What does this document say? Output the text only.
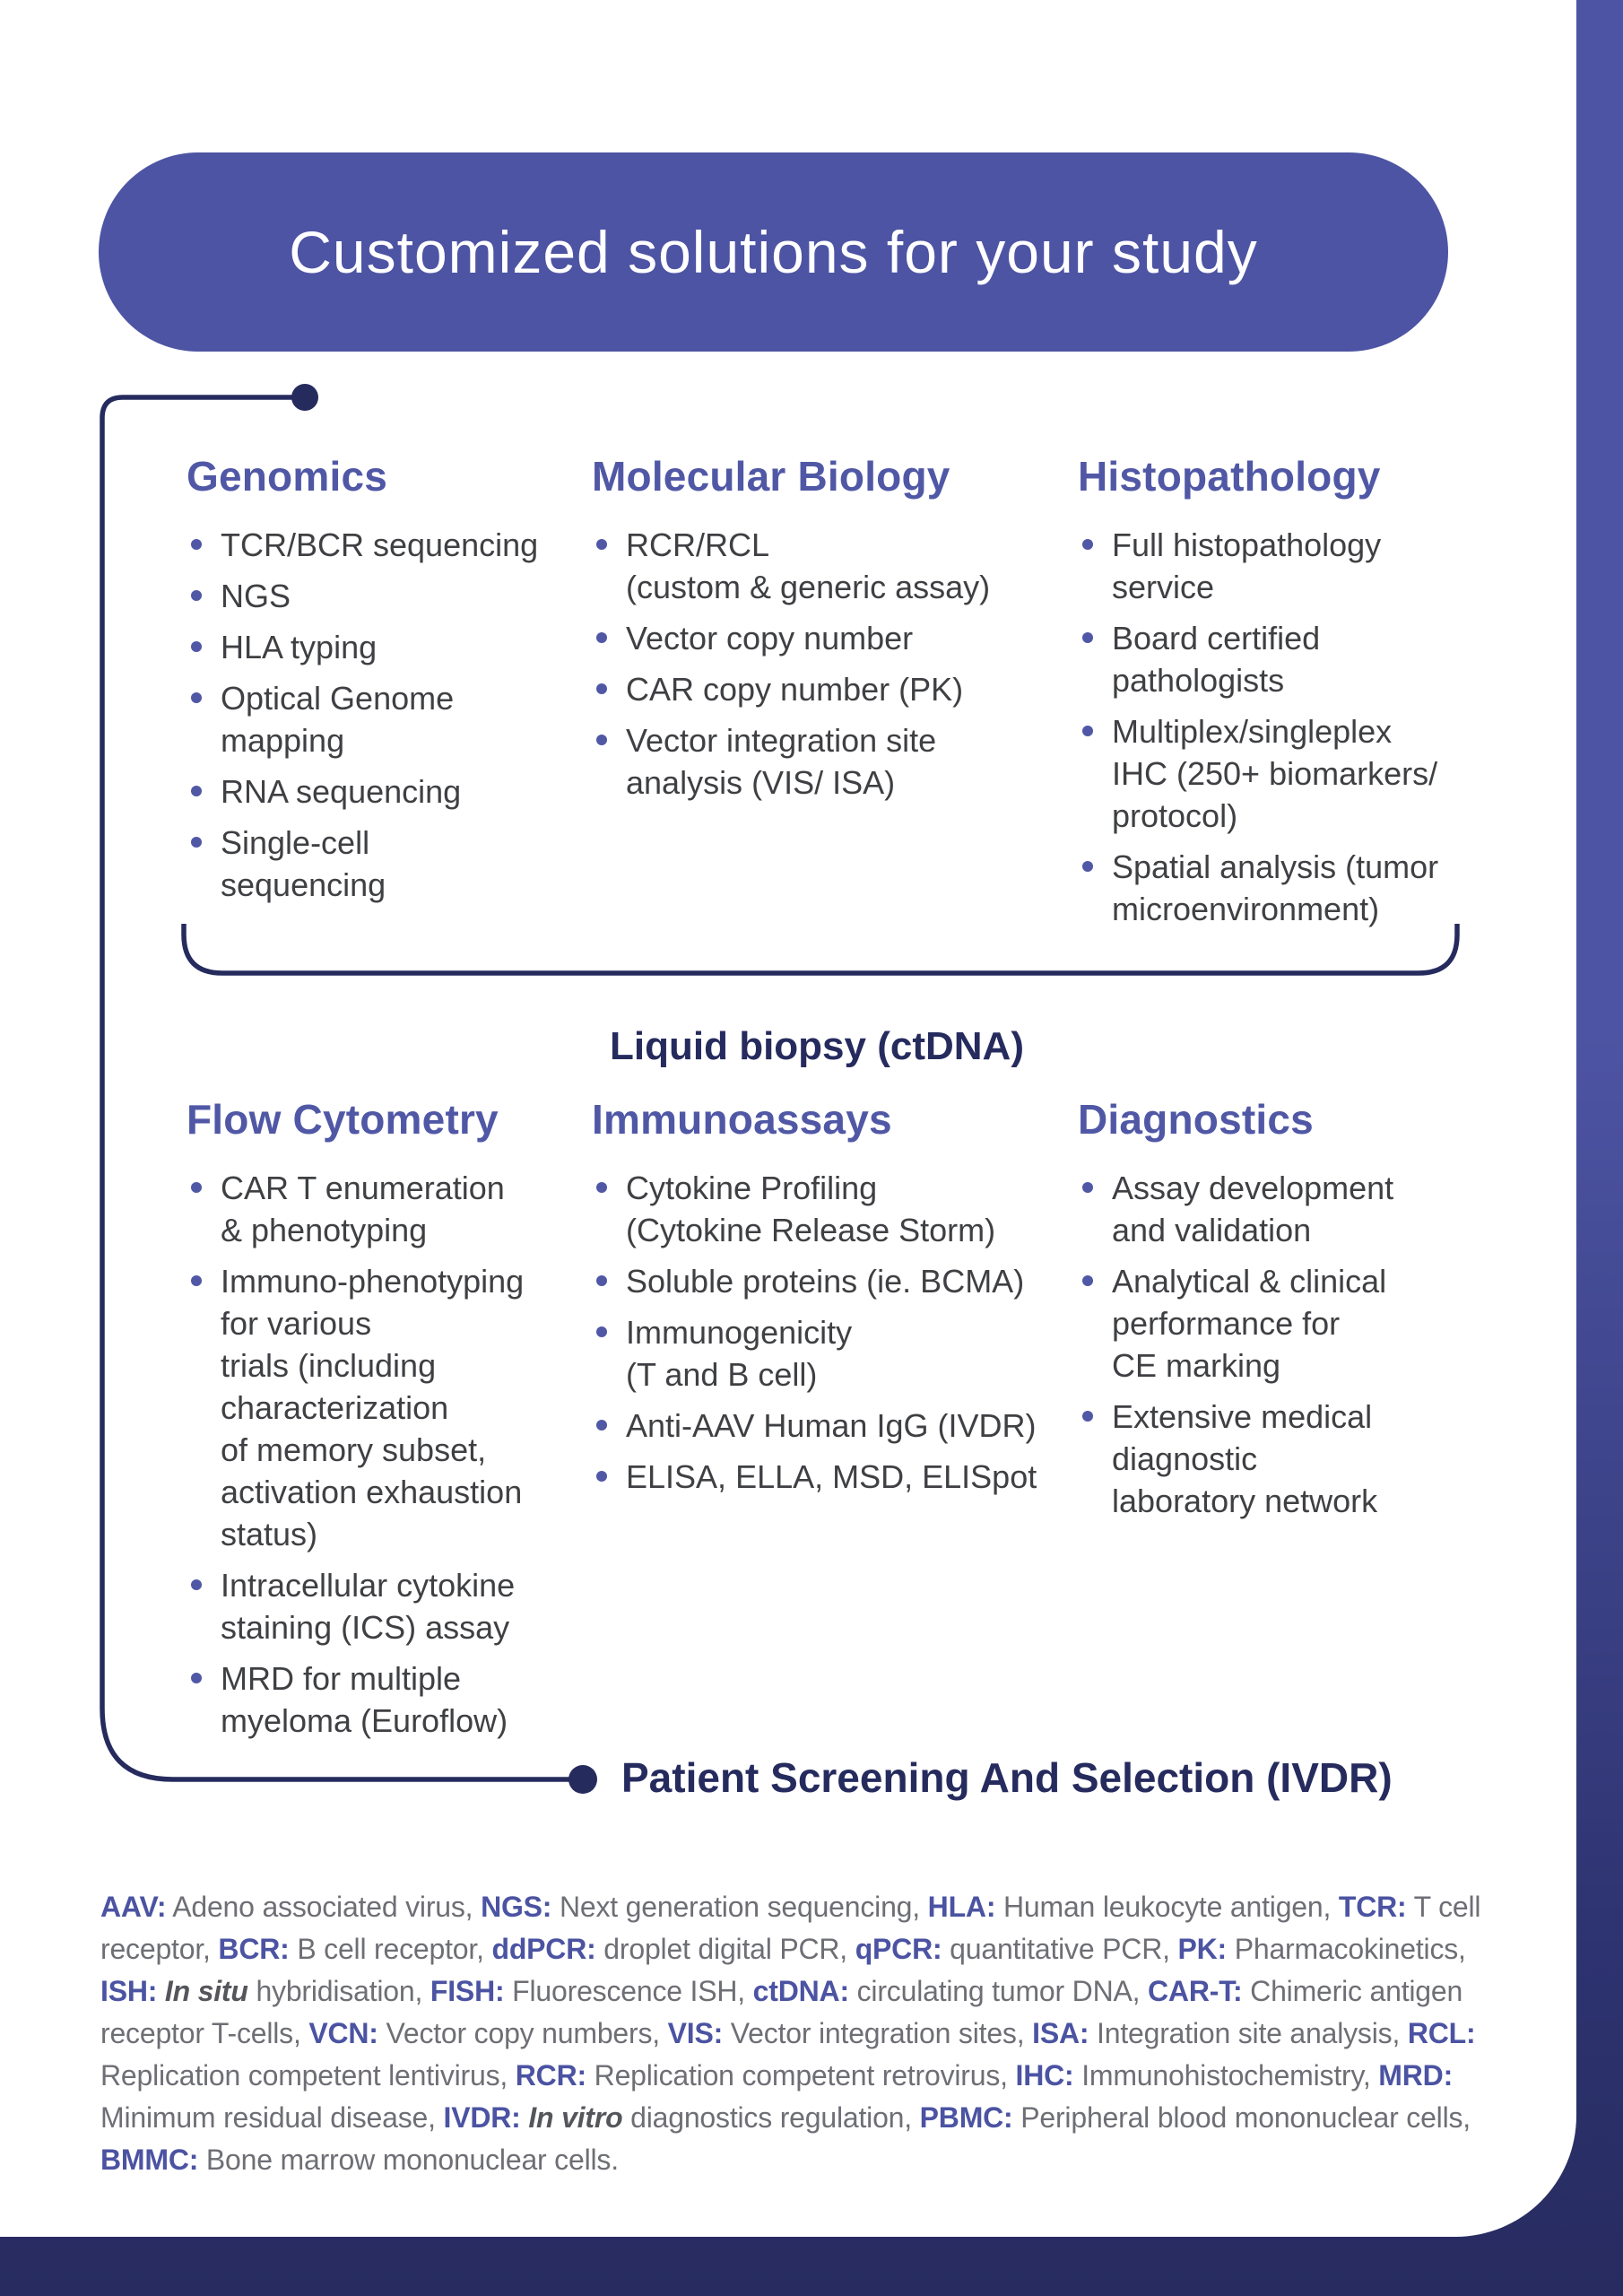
Customized solutions for your study
Genomics
TCR/BCR sequencing
NGS
HLA typing
Optical Genome
mapping
RNA sequencing
Single-cell
sequencing
Molecular Biology
RCR/RCL
(custom & generic assay)
Vector copy number
CAR copy number (PK)
Vector integration site
analysis (VIS/ ISA)
Histopathology
Full histopathology
service
Board certified
pathologists
Multiplex/singleplex
IHC (250+ biomarkers/
protocol)
Spatial analysis (tumor
microenvironment)
Flow Cytometry
CAR T enumeration
& phenotyping
Immuno-phenotyping
for various
trials (including
characterization
of memory subset,
activation exhaustion
status)
Intracellular cytokine
staining (ICS) assay
MRD for multiple
myeloma (Euroflow)
Immunoassays
Cytokine Profiling
(Cytokine Release Storm)
Soluble proteins (ie. BCMA)
Immunogenicity
(T and B cell)
Anti-AAV Human IgG (IVDR)
ELISA, ELLA, MSD, ELISpot
Diagnostics
Assay development
and validation
Analytical & clinical
performance for
CE marking
Extensive medical
diagnostic
laboratory network
Liquid biopsy (ctDNA)
Patient Screening And Selection (IVDR)

AAV: Adeno associated virus, NGS: Next generation sequencing, HLA: Human leukocyte antigen, TCR: T cell receptor, BCR: B cell receptor, ddPCR: droplet digital PCR, qPCR: quantitative PCR, PK: Pharmacokinetics, ISH: In situ hybridisation, FISH: Fluorescence ISH, ctDNA: circulating tumor DNA, CAR-T: Chimeric antigen receptor T-cells, VCN: Vector copy numbers, VIS: Vector integration sites, ISA: Integration site analysis, RCL: Replication competent lentivirus, RCR: Replication competent retrovirus, IHC: Immunohistochemistry, MRD: Minimum residual disease, IVDR: In vitro diagnostics regulation, PBMC: Peripheral blood mononuclear cells, BMMC: Bone marrow mononuclear cells.
